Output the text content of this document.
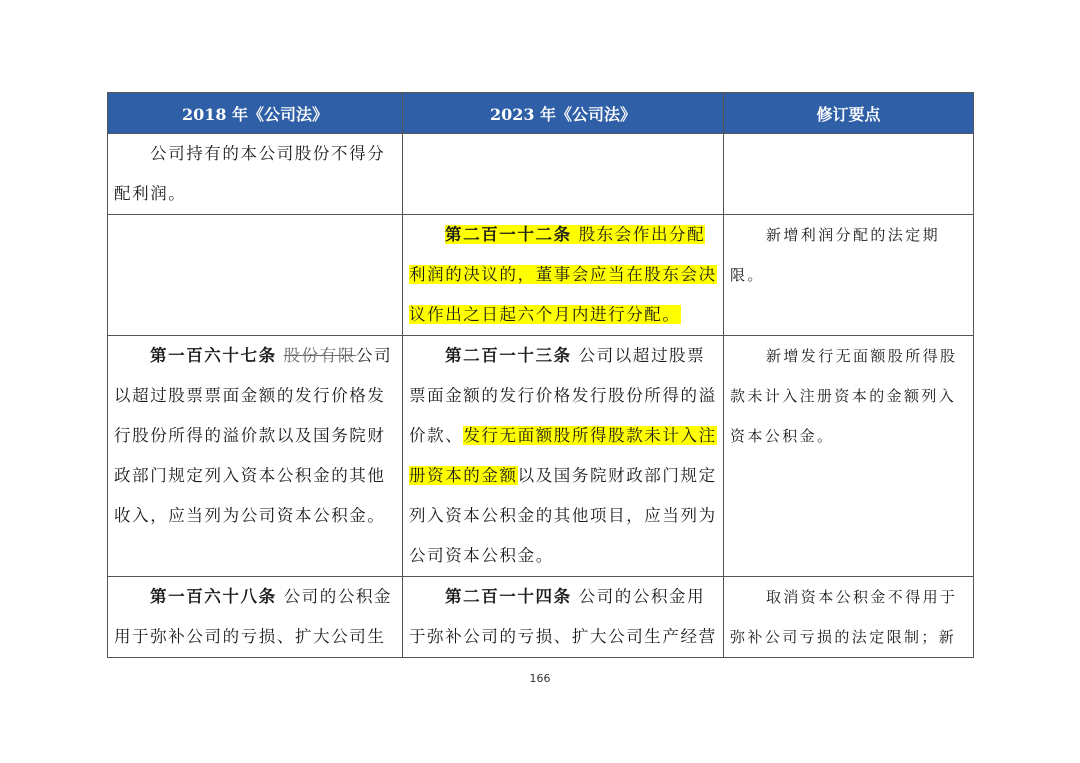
2018 年《公司法》	2023 年《公司法》	修订要点
公司持有的本公司股份不得分配利润。		
	第二百一十二条 股东会作出分配利润的决议的，董事会应当在股东会决议作出之日起六个月内进行分配。	新增利润分配的法定期限。
第一百六十七条 股份有限公司以超过股票票面金额的发行价格发行股份所得的溢价款以及国务院财政部门规定列入资本公积金的其他收入，应当列为公司资本公积金。	第二百一十三条 公司以超过股票票面金额的发行价格发行股份所得的溢价款、发行无面额股所得股款未计入注册资本的金额以及国务院财政部门规定列入资本公积金的其他项目，应当列为公司资本公积金。	新增发行无面额股所得股款未计入注册资本的金额列入资本公积金。
第一百六十八条 公司的公积金用于弥补公司的亏损、扩大公司生	第二百一十四条 公司的公积金用于弥补公司的亏损、扩大公司生产经营	取消资本公积金不得用于弥补公司亏损的法定限制；新
166
